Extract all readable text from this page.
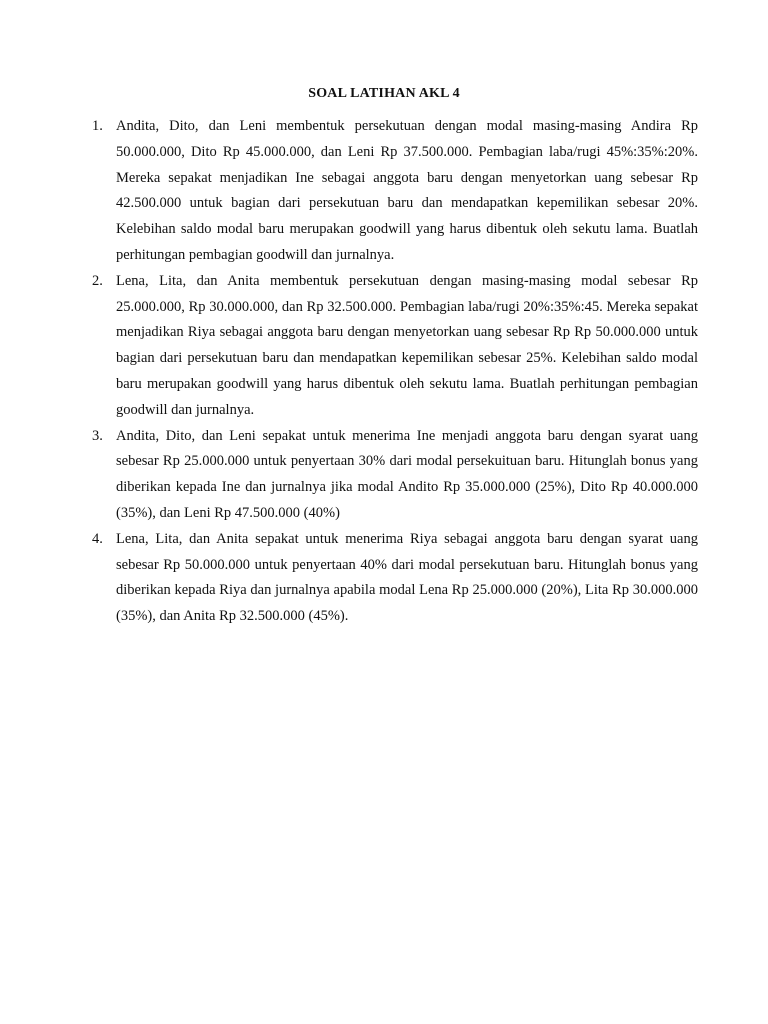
SOAL LATIHAN AKL 4
1. Andita, Dito, dan Leni membentuk persekutuan dengan modal masing-masing Andira Rp 50.000.000, Dito Rp 45.000.000, dan Leni Rp 37.500.000. Pembagian laba/rugi 45%:35%:20%. Mereka sepakat menjadikan Ine sebagai anggota baru dengan menyetorkan uang sebesar Rp 42.500.000 untuk bagian dari persekutuan baru dan mendapatkan kepemilikan sebesar 20%. Kelebihan saldo modal baru merupakan goodwill yang harus dibentuk oleh sekutu lama. Buatlah perhitungan pembagian goodwill dan jurnalnya.
2. Lena, Lita, dan Anita membentuk persekutuan dengan masing-masing modal sebesar Rp 25.000.000, Rp 30.000.000, dan Rp 32.500.000. Pembagian laba/rugi 20%:35%:45. Mereka sepakat menjadikan Riya sebagai anggota baru dengan menyetorkan uang sebesar Rp Rp 50.000.000 untuk bagian dari persekutuan baru dan mendapatkan kepemilikan sebesar 25%. Kelebihan saldo modal baru merupakan goodwill yang harus dibentuk oleh sekutu lama. Buatlah perhitungan pembagian goodwill dan jurnalnya.
3. Andita, Dito, dan Leni sepakat untuk menerima Ine menjadi anggota baru dengan syarat uang sebesar Rp 25.000.000 untuk penyertaan 30% dari modal persekuituan baru. Hitunglah bonus yang diberikan kepada Ine dan jurnalnya jika modal Andito Rp 35.000.000 (25%), Dito Rp 40.000.000 (35%), dan Leni Rp 47.500.000 (40%)
4. Lena, Lita, dan Anita sepakat untuk menerima Riya sebagai anggota baru dengan syarat uang sebesar Rp 50.000.000 untuk penyertaan 40% dari modal persekutuan baru. Hitunglah bonus yang diberikan kepada Riya dan jurnalnya apabila modal Lena Rp 25.000.000 (20%), Lita Rp 30.000.000 (35%), dan Anita Rp 32.500.000 (45%).
